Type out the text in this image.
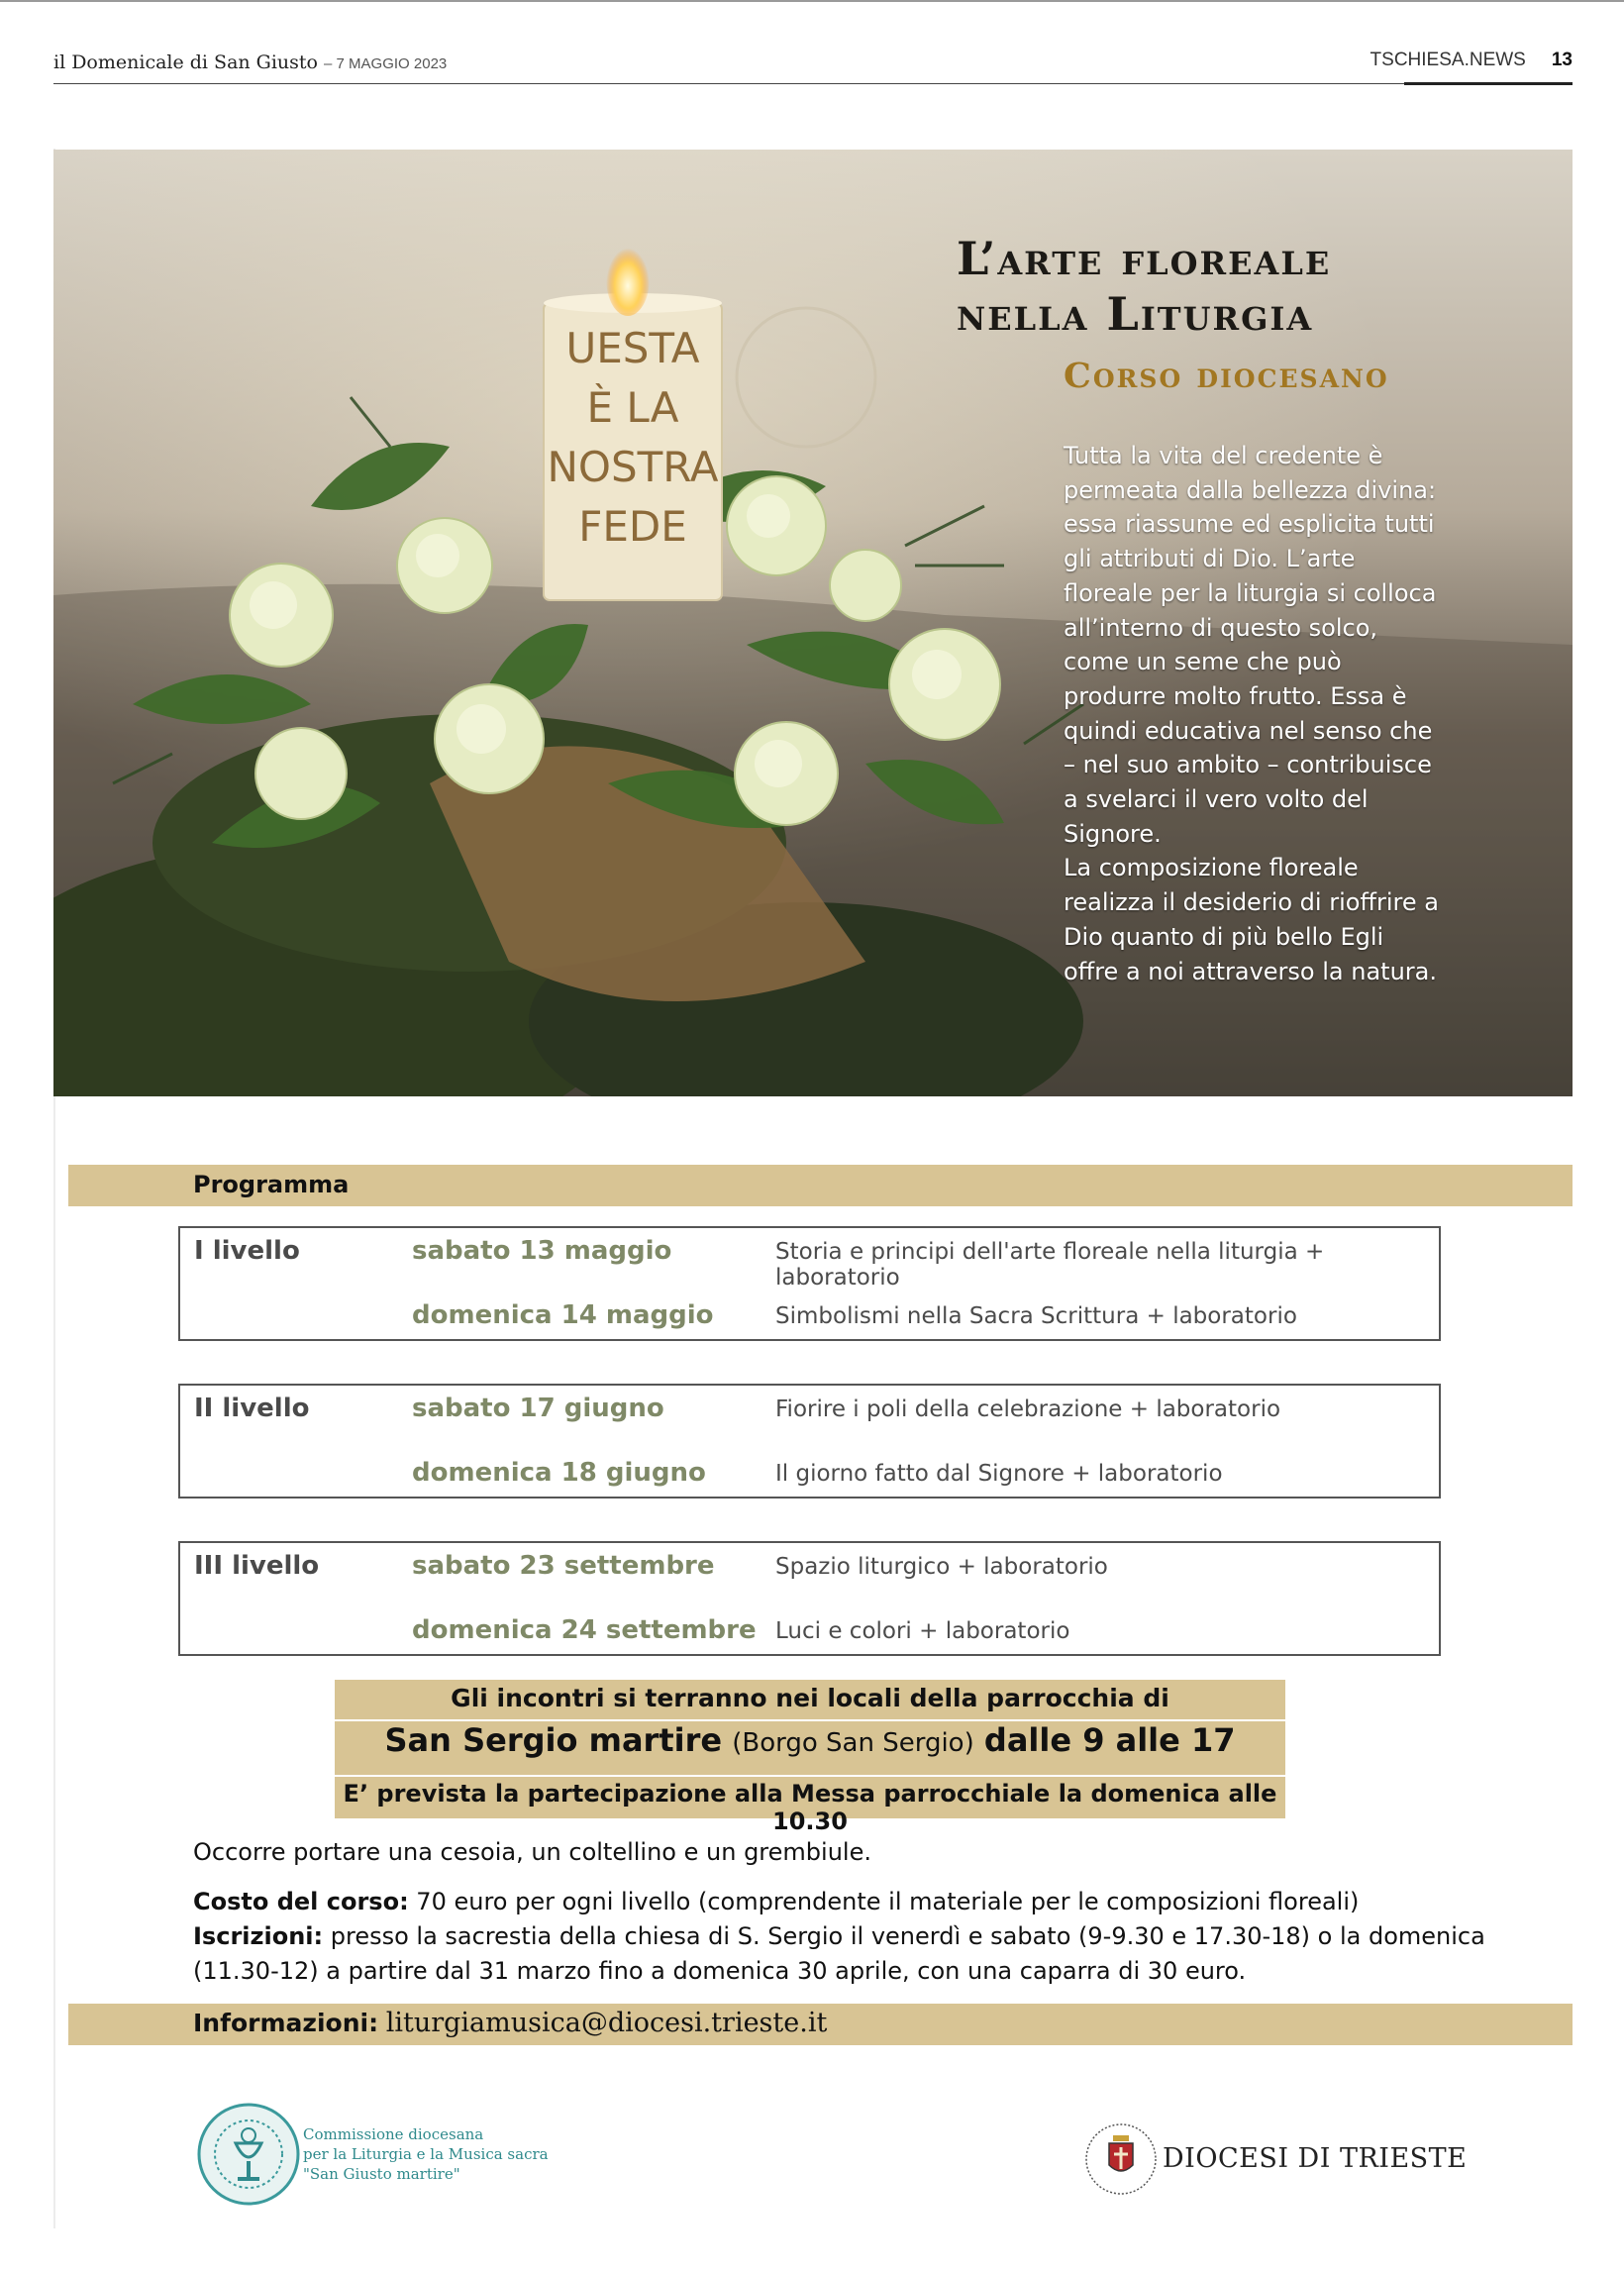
il Domenicale di San Giusto – 7 MAGGIO 2023	TSCHIESA.NEWS 13
UESTA
È LA
NOSTRA
FEDE
L’arte floreale
nella Liturgia
Corso diocesano
Tutta la vita del credente è
permeata dalla bellezza divina:
essa riassume ed esplicita tutti
gli attributi di Dio. L’arte
floreale per la liturgia si colloca
all’interno di questo solco,
come un seme che può
produrre molto frutto. Essa è
quindi educativa nel senso che
– nel suo ambito – contribuisce
a svelarci il vero volto del
Signore.
La composizione floreale
realizza il desiderio di rioffrire a
Dio quanto di più bello Egli
offre a noi attraverso la natura.
Programma
I livello	sabato 13 maggio	Storia e principi dell'arte floreale nella liturgia + laboratorio
domenica 14 maggio	Simbolismi nella Sacra Scrittura + laboratorio
II livello	sabato 17 giugno	Fiorire i poli della celebrazione + laboratorio
domenica 18 giugno	Il giorno fatto dal Signore + laboratorio
III livello	sabato 23 settembre	Spazio liturgico + laboratorio
domenica 24 settembre Luci e colori + laboratorio
Gli incontri si terranno nei locali della parrocchia di
San Sergio martire (Borgo San Sergio) dalle 9 alle 17
E’ prevista la partecipazione alla Messa parrocchiale la domenica alle 10.30
Occorre portare una cesoia, un coltellino e un grembiule.
Costo del corso: 70 euro per ogni livello (comprendente il materiale per le composizioni floreali)
Iscrizioni: presso la sacrestia della chiesa di S. Sergio il venerdì e sabato (9-9.30 e 17.30-18) o la domenica
(11.30-12) a partire dal 31 marzo fino a domenica 30 aprile, con una caparra di 30 euro.
Informazioni: liturgiamusica@diocesi.trieste.it
Commissione diocesana
per la Liturgia e la Musica sacra
"San Giusto martire"	DIOCESI DI TRIESTE
